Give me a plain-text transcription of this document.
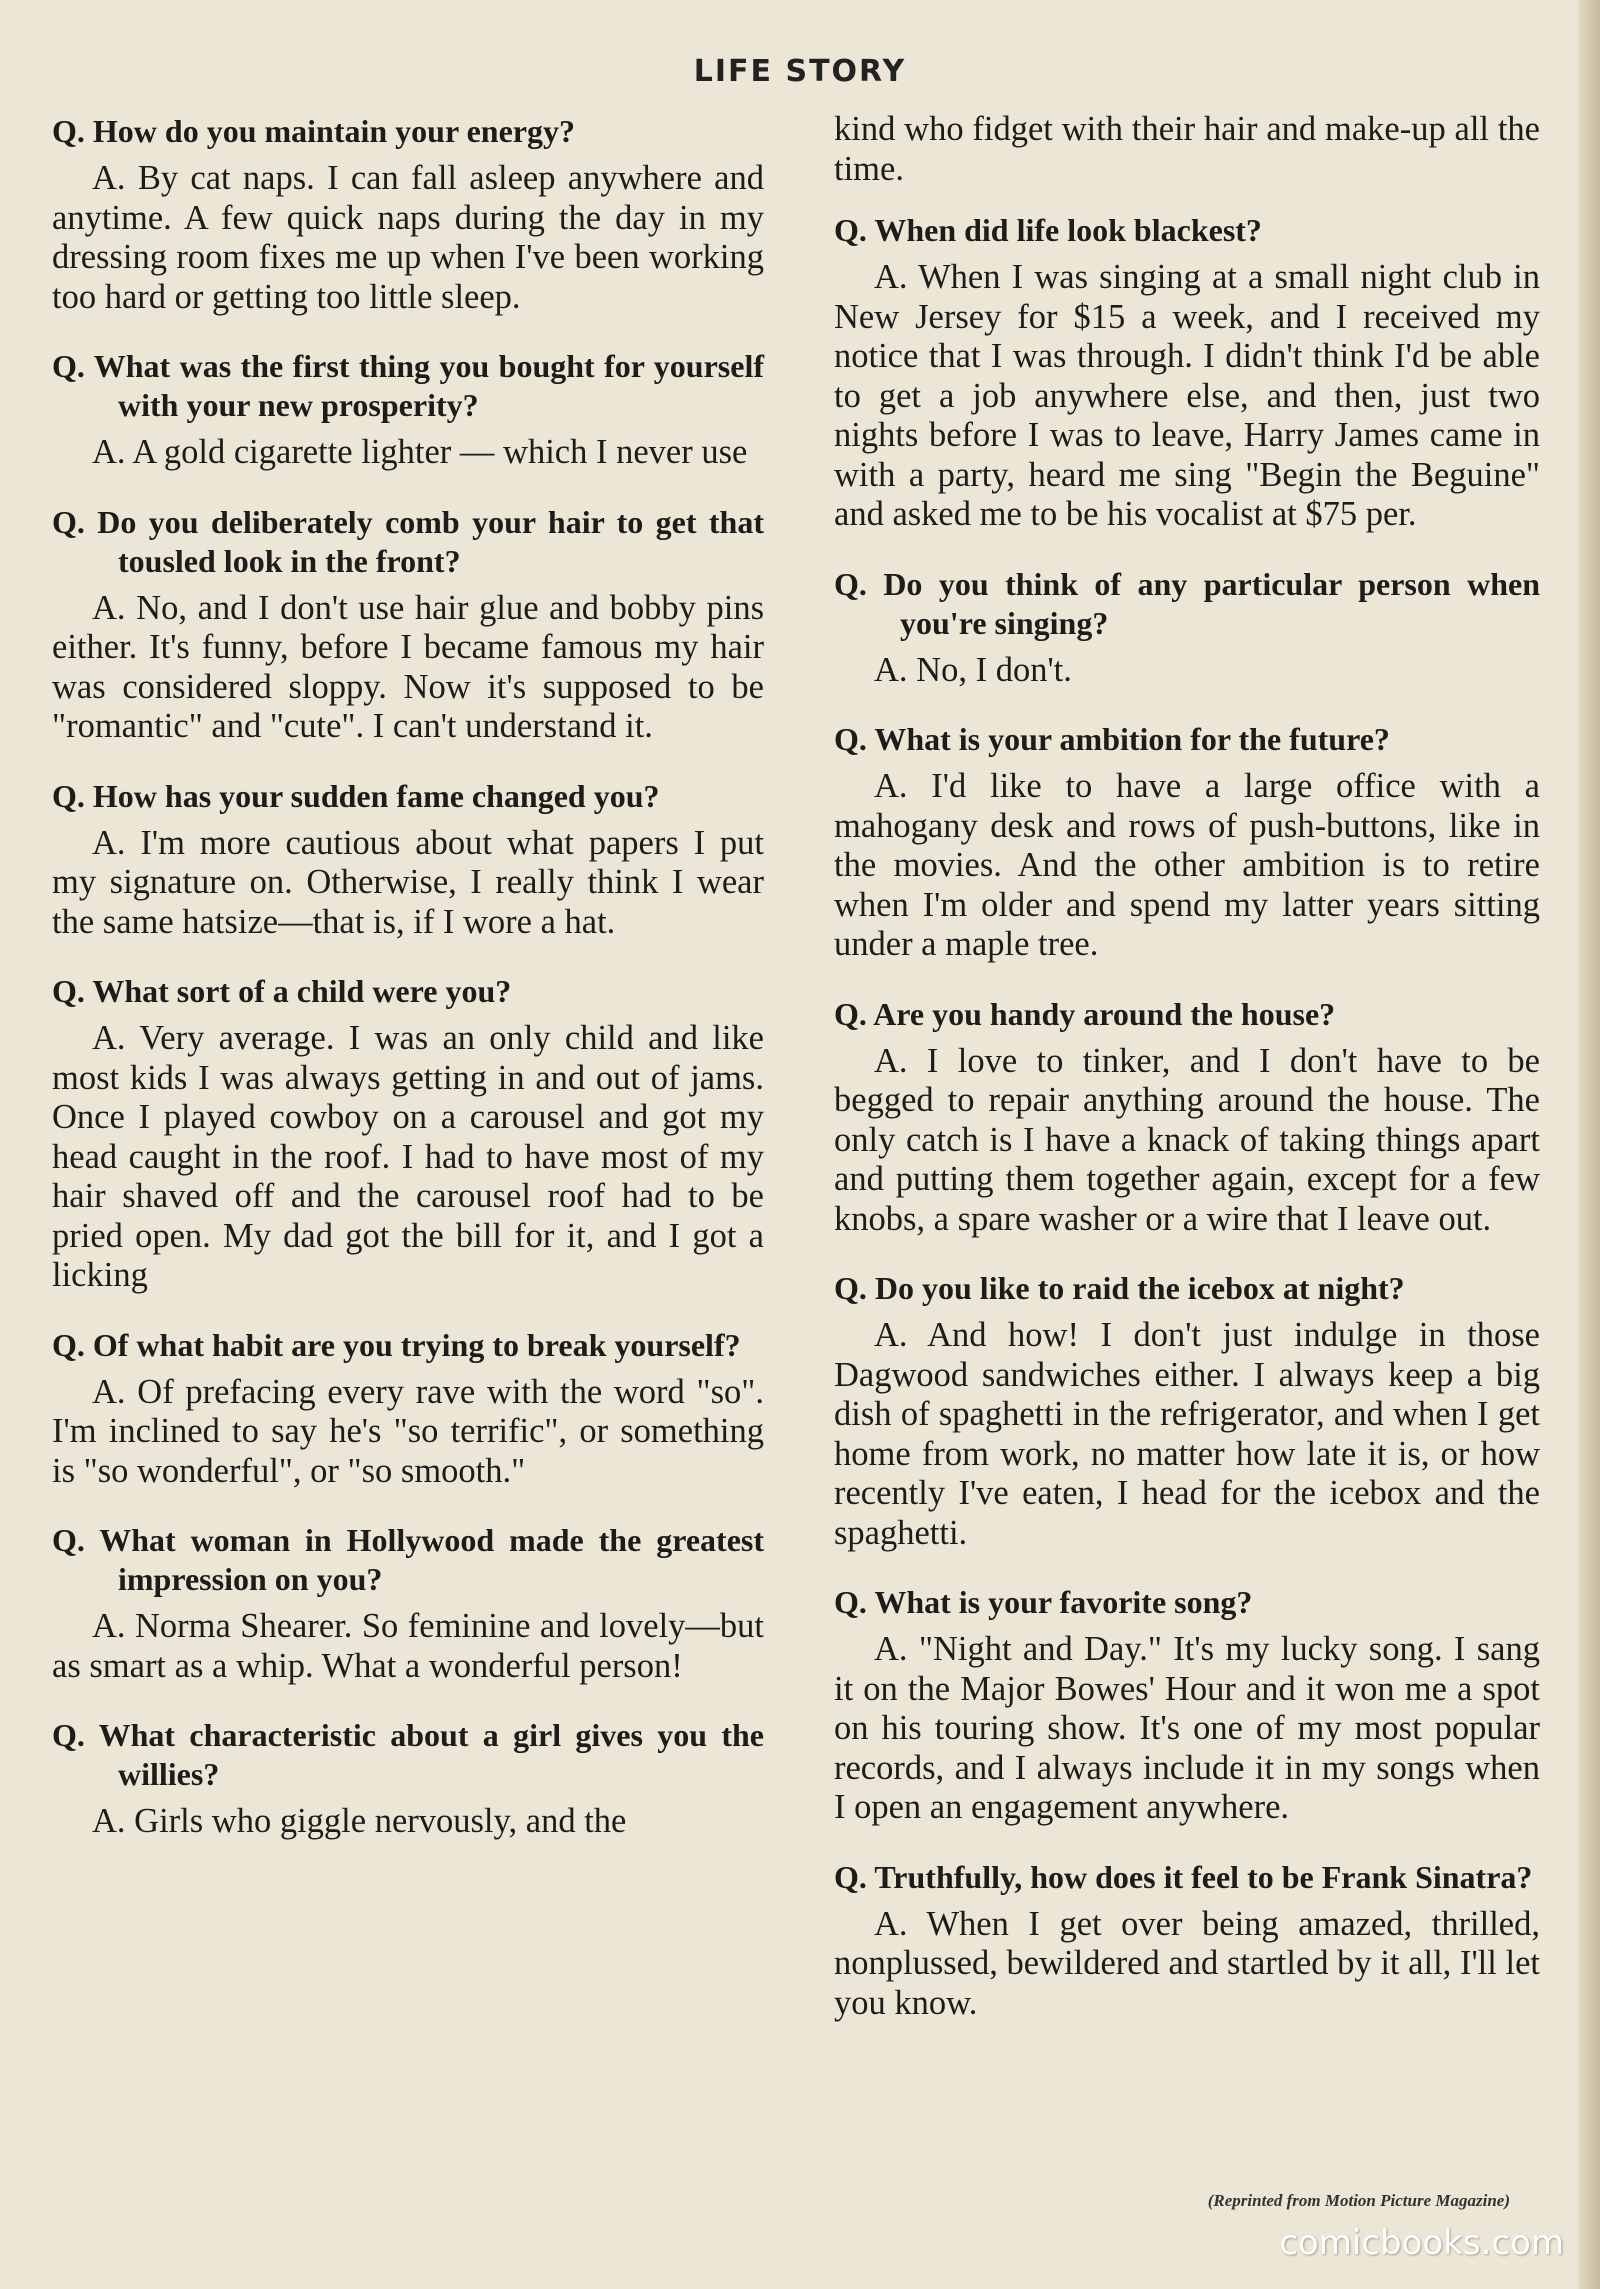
LIFE STORY

Q. How do you maintain your energy?

A. By cat naps. I can fall asleep anywhere and anytime. A few quick naps during the day in my dressing room fixes me up when I've been working too hard or getting too little sleep.

Q. What was the first thing you bought for yourself with your new prosperity?

A. A gold cigarette lighter — which I never use

Q. Do you deliberately comb your hair to get that tousled look in the front?

A. No, and I don't use hair glue and bobby pins either. It's funny, before I became famous my hair was considered sloppy. Now it's supposed to be "romantic" and "cute". I can't understand it.

Q. How has your sudden fame changed you?

A. I'm more cautious about what papers I put my signature on. Otherwise, I really think I wear the same hatsize—that is, if I wore a hat.

Q. What sort of a child were you?

A. Very average. I was an only child and like most kids I was always getting in and out of jams. Once I played cowboy on a carousel and got my head caught in the roof. I had to have most of my hair shaved off and the carousel roof had to be pried open. My dad got the bill for it, and I got a licking

Q. Of what habit are you trying to break yourself?

A. Of prefacing every rave with the word "so". I'm inclined to say he's "so terrific", or something is "so wonderful", or "so smooth."

Q. What woman in Hollywood made the greatest impression on you?

A. Norma Shearer. So feminine and lovely—but as smart as a whip. What a wonderful person!

Q. What characteristic about a girl gives you the willies?

A. Girls who giggle nervously, and the

kind who fidget with their hair and make-up all the time.

Q. When did life look blackest?

A. When I was singing at a small night club in New Jersey for $15 a week, and I received my notice that I was through. I didn't think I'd be able to get a job anywhere else, and then, just two nights before I was to leave, Harry James came in with a party, heard me sing "Begin the Beguine" and asked me to be his vocalist at $75 per.

Q. Do you think of any particular person when you're singing?

A. No, I don't.

Q. What is your ambition for the future?

A. I'd like to have a large office with a mahogany desk and rows of push-buttons, like in the movies. And the other ambition is to retire when I'm older and spend my latter years sitting under a maple tree.

Q. Are you handy around the house?

A. I love to tinker, and I don't have to be begged to repair anything around the house. The only catch is I have a knack of taking things apart and putting them together again, except for a few knobs, a spare washer or a wire that I leave out.

Q. Do you like to raid the icebox at night?

A. And how! I don't just indulge in those Dagwood sandwiches either. I always keep a big dish of spaghetti in the refrigerator, and when I get home from work, no matter how late it is, or how recently I've eaten, I head for the icebox and the spaghetti.

Q. What is your favorite song?

A. "Night and Day." It's my lucky song. I sang it on the Major Bowes' Hour and it won me a spot on his touring show. It's one of my most popular records, and I always include it in my songs when I open an engagement anywhere.

Q. Truthfully, how does it feel to be Frank Sinatra?

A. When I get over being amazed, thrilled, nonplussed, bewildered and startled by it all, I'll let you know.

(Reprinted from Motion Picture Magazine)
comicbooks.com
